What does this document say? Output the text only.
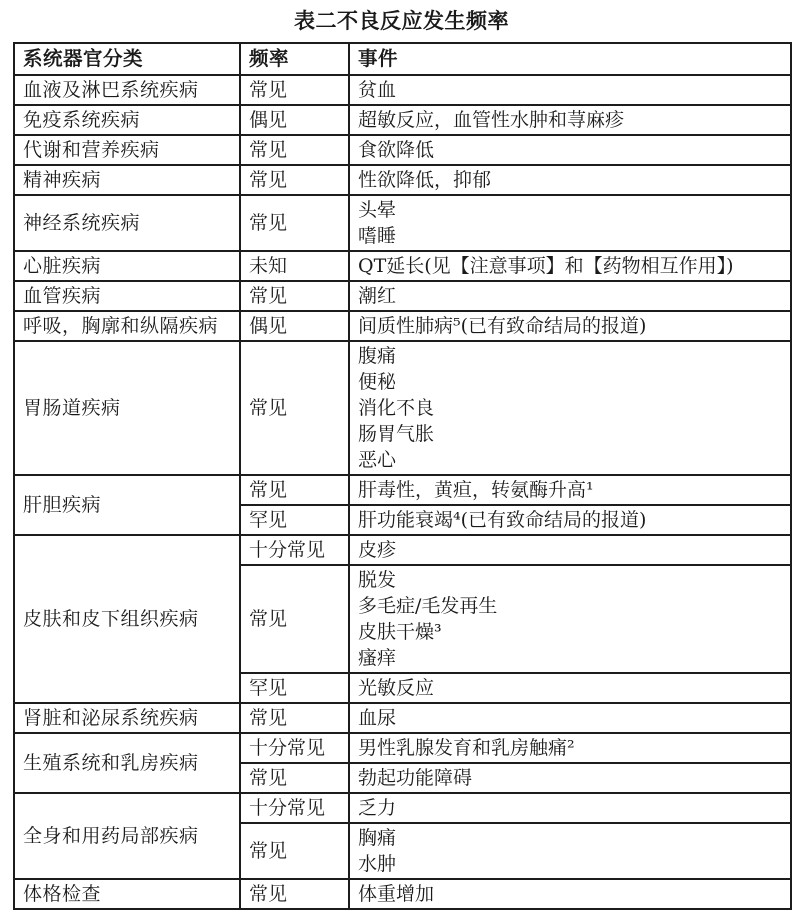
表二不良反应发生频率
系统器官分类	频率	事件
血液及淋巴系统疾病	常见	贫血

免疫系统疾病	偶见	超敏反应，血管性水肿和荨麻疹

代谢和营养疾病	常见	食欲降低

精神疾病	常见	性欲降低，抑郁

神经系统疾病	常见	头晕
嗜睡

心脏疾病	未知	QT延长(见【注意事项】和【药物相互作用】)

血管疾病	常见	潮红

呼吸，胸廓和纵隔疾病	偶见	间质性肺病⁵(已有致命结局的报道)

胃肠道疾病	常见	腹痛
便秘
消化不良
肠胃气胀
恶心

肝胆疾病	常见	肝毒性，黄疸，转氨酶升高¹

	罕见	肝功能衰竭⁴(已有致命结局的报道)

皮肤和皮下组织疾病	十分常见	皮疹

	常见	脱发
多毛症/毛发再生
皮肤干燥³
瘙痒

	罕见	光敏反应

肾脏和泌尿系统疾病	常见	血尿

生殖系统和乳房疾病	十分常见	男性乳腺发育和乳房触痛²

	常见	勃起功能障碍

全身和用药局部疾病	十分常见	乏力

	常见	胸痛
水肿

体格检查	常见	体重增加
